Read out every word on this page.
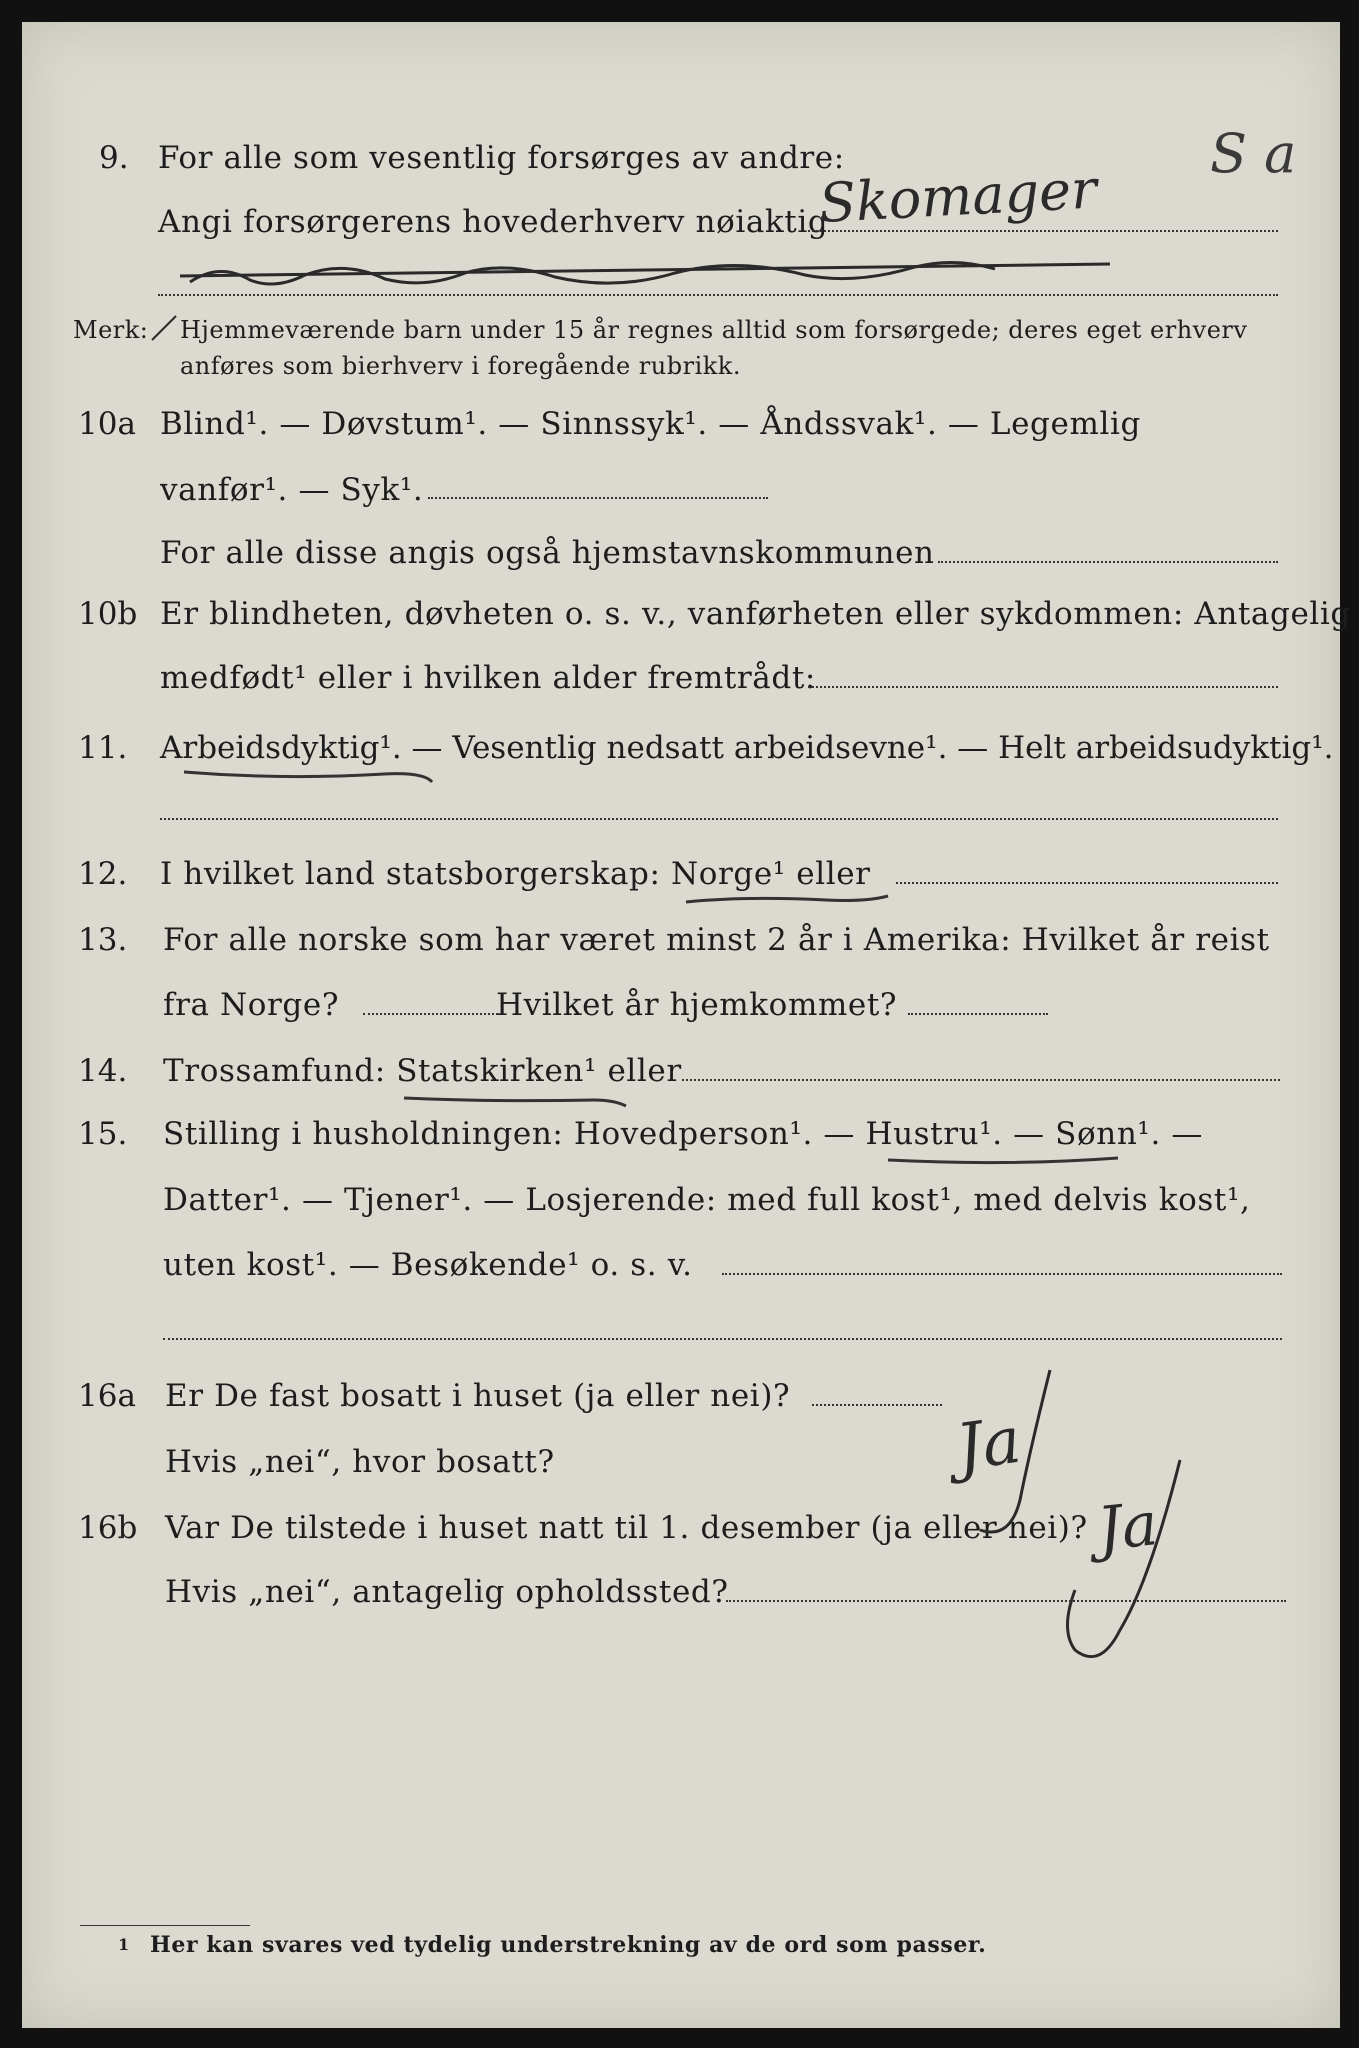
9. For alle som vesentlig forsørges av andre:
Angi forsørgerens hovederhverv nøiaktig
Merk: Hjemmeværende barn under 15 år regnes alltid som forsørgede; deres eget erhverv
anføres som bierhverv i foregående rubrikk.
10a Blind¹. — Døvstum¹. — Sinnssyk¹. — Åndssvak¹. — Legemlig
vanfør¹. — Syk¹.
For alle disse angis også hjemstavnskommunen
10b Er blindheten, døvheten o. s. v., vanførheten eller sykdommen: Antagelig
medfødt¹ eller i hvilken alder fremtrådt:
11. Arbeidsdyktig¹. — Vesentlig nedsatt arbeidsevne¹. — Helt arbeidsudyktig¹.
12. I hvilket land statsborgerskap: Norge¹ eller
13. For alle norske som har været minst 2 år i Amerika: Hvilket år reist
fra Norge?	Hvilket år hjemkommet?
14. Trossamfund: Statskirken¹ eller
15. Stilling i husholdningen: Hovedperson¹. — Hustru¹. — Sønn¹. —
Datter¹. — Tjener¹. — Losjerende: med full kost¹, med delvis kost¹,
uten kost¹. — Besøkende¹ o. s. v.
16a Er De fast bosatt i huset (ja eller nei)?
Hvis „nei“, hvor bosatt?
16b Var De tilstede i huset natt til 1. desember (ja eller nei)?
Hvis „nei“, antagelig opholdssted?
1 Her kan svares ved tydelig understrekning av de ord som passer.
Skomager
S a
Ja
Ja
